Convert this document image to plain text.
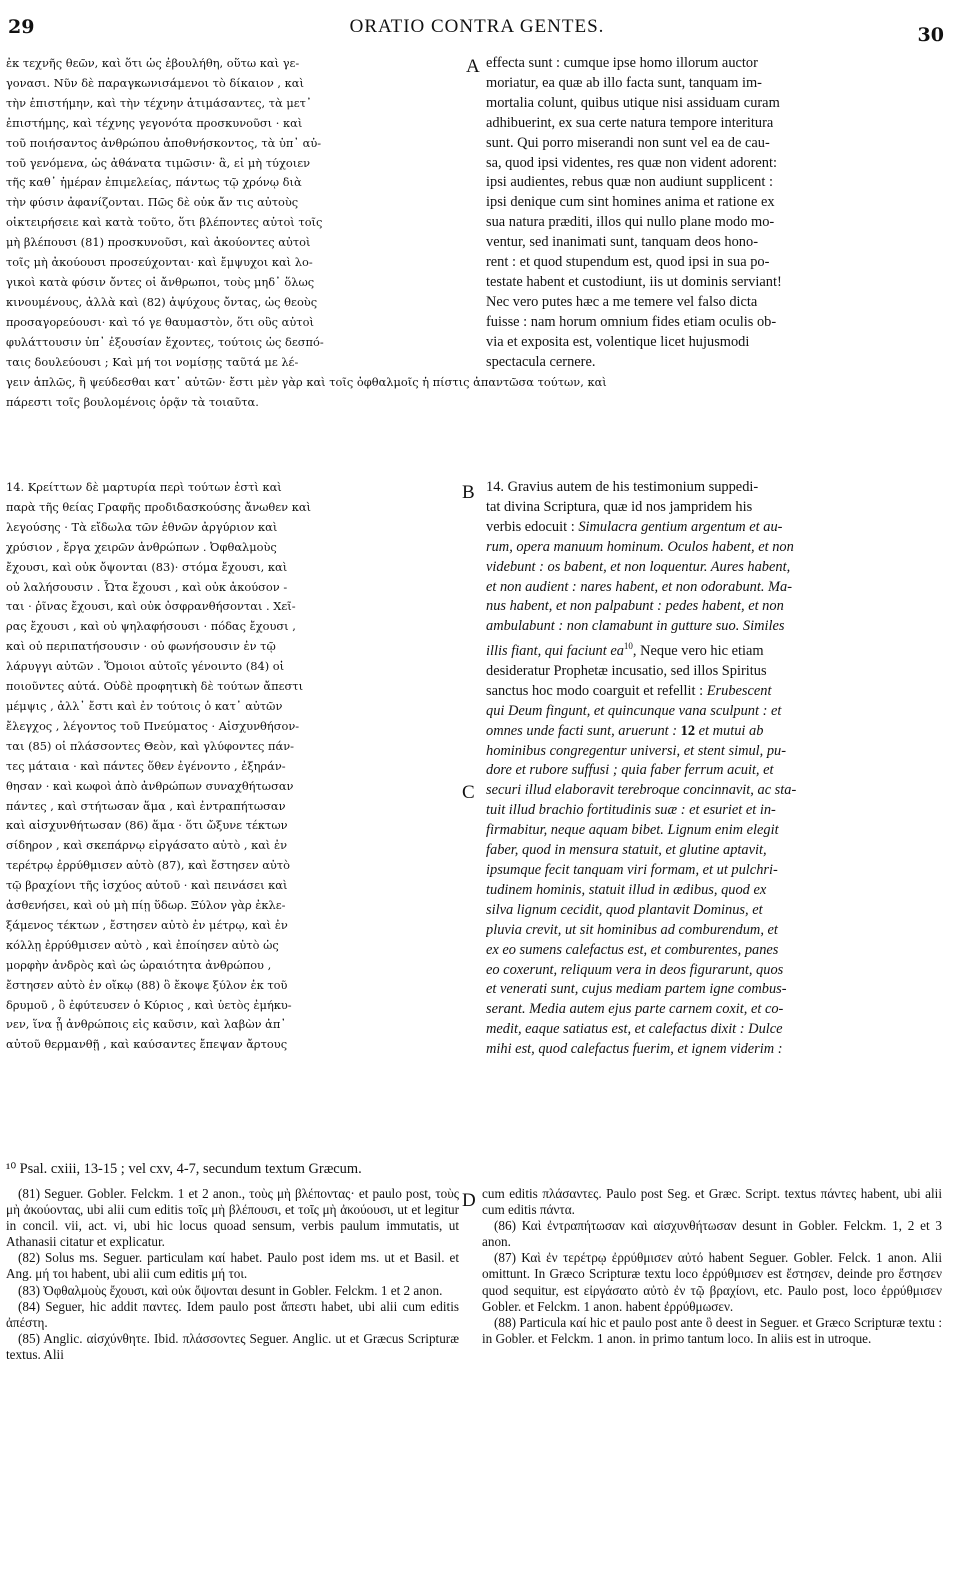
29	ORATIO CONTRA GENTES.	30
A
B
C
D
ἐκ τεχνῆς θεῶν, καὶ ὅτι ὡς ἐβουλήθη, οὕτω καὶ γε-
γονασι. Νῦν δὲ παραγκωνισάμενοι τὸ δίκαιον , καὶ
τὴν ἐπιστήμην, καὶ τὴν τέχνην ἀτιμάσαντες, τὰ μετ᾽
ἐπιστήμης, καὶ τέχνης γεγονότα προσκυνοῦσι · καὶ
τοῦ ποιήσαντος ἀνθρώπου ἀποθνήσκοντος, τὰ ὑπ᾽ αὐ-
τοῦ γενόμενα, ὡς ἀθάνατα τιμῶσιν· ἃ, εἰ μὴ τύχοιεν
τῆς καθ᾽ ἡμέραν ἐπιμελείας, πάντως τῷ χρόνῳ διὰ
τὴν φύσιν ἀφανίζονται. Πῶς δὲ οὐκ ἄν τις αὐτοὺς
οἰκτειρήσειε καὶ κατὰ τοῦτο, ὅτι βλέποντες αὐτοὶ τοῖς
μὴ βλέπουσι (81) προσκυνοῦσι, καὶ ἀκούοντες αὐτοὶ
τοῖς μὴ ἀκούουσι προσεύχονται· καὶ ἔμψυχοι καὶ λο-
γικοὶ κατὰ φύσιν ὄντες οἱ ἄνθρωποι, τοὺς μηδ᾽ ὅλως
κινουμένους, ἀλλὰ καὶ (82) ἀψύχους ὄντας, ὡς θεοὺς
προσαγορεύουσι· καὶ τό γε θαυμαστὸν, ὅτι οὓς αὐτοὶ
φυλάττουσιν ὑπ᾽ ἐξουσίαν ἔχοντες, τούτοις ὡς δεσπό-
ταις δουλεύουσι ; Καὶ μή τοι νομίσῃς ταῦτά με λέ-
effecta sunt : cumque ipse homo illorum auctor
moriatur, ea quæ ab illo facta sunt, tanquam im-
mortalia colunt, quibus utique nisi assiduam curam
adhibuerint, ex sua certe natura tempore interitura
sunt. Qui porro miserandi non sunt vel ea de cau-
sa, quod ipsi videntes, res quæ non vident adorent:
ipsi audientes, rebus quæ non audiunt supplicent :
ipsi denique cum sint homines anima et ratione ex
sua natura præditi, illos qui nullo plane modo mo-
ventur, sed inanimati sunt, tanquam deos hono-
rent : et quod stupendum est, quod ipsi in sua po-
testate habent et custodiunt, iis ut dominis serviant!
Nec vero putes hæc a me temere vel falso dicta
fuisse : nam horum omnium fides etiam oculis ob-
via et exposita est, volentique licet hujusmodi
spectacula cernere.
γειν ἁπλῶς, ἢ ψεύδεσθαι κατ᾽ αὐτῶν· ἔστι μὲν γὰρ καὶ τοῖς ὀφθαλμοῖς ἡ πίστις ἀπαντῶσα τούτων, καὶ
πάρεστι τοῖς βουλομένοις ὁρᾷν τὰ τοιαῦτα.
14. Κρείττων δὲ μαρτυρία περὶ τούτων ἐστὶ καὶ
παρὰ τῆς θείας Γραφῆς προδιδασκούσης ἄνωθεν καὶ
λεγούσης · Τὰ εἴδωλα τῶν ἐθνῶν ἀργύριον καὶ
χρύσιον , ἔργα χειρῶν ἀνθρώπων . Ὀφθαλμοὺς
ἔχουσι, καὶ οὐκ ὄψονται (83)· στόμα ἔχουσι, καὶ
οὐ λαλήσουσιν . Ὦτα ἔχουσι , καὶ οὐκ ἀκούσον -
ται · ῥῖνας ἔχουσι, καὶ οὐκ ὀσφρανθήσονται . Χεῖ-
ρας ἔχουσι , καὶ οὐ ψηλαφήσουσι · πόδας ἔχουσι ,
καὶ οὐ περιπατήσουσιν · οὐ φωνήσουσιν ἐν τῷ
λάρυγγι αὐτῶν . Ὅμοιοι αὐτοῖς γένοιντο (84) οἱ
ποιοῦντες αὐτά. Οὐδὲ προφητικὴ δὲ τούτων ἄπεστι
μέμψις , ἀλλ᾽ ἔστι καὶ ἐν τούτοις ὁ κατ᾽ αὐτῶν
ἔλεγχος , λέγοντος τοῦ Πνεύματος · Αἰσχυνθήσον-
ται (85) οἱ πλάσσοντες Θεὸν, καὶ γλύφοντες πάν-
τες μάταια · καὶ πάντες ὅθεν ἐγένοντο , ἐξηράν-
θησαν · καὶ κωφοὶ ἀπὸ ἀνθρώπων συναχθήτωσαν
πάντες , καὶ στήτωσαν ἅμα , καὶ ἐντραπήτωσαν
καὶ αἰσχυνθήτωσαν (86) ἅμα · ὅτι ὤξυνε τέκτων
σίδηρον , καὶ σκεπάρνῳ εἰργάσατο αὐτὸ , καὶ ἐν
τερέτρῳ ἐρρύθμισεν αὐτὸ (87), καὶ ἔστησεν αὐτὸ
τῷ βραχίονι τῆς ἰσχύος αὐτοῦ · καὶ πεινάσει καὶ
ἀσθενήσει, καὶ οὐ μὴ πίῃ ὕδωρ. Ξύλον γὰρ ἐκλε-
ξάμενος τέκτων , ἔστησεν αὐτὸ ἐν μέτρῳ, καὶ ἐν
κόλλῃ ἐρρύθμισεν αὐτὸ , καὶ ἐποίησεν αὐτὸ ὡς
μορφὴν ἀνδρὸς καὶ ὡς ὡραιότητα ἀνθρώπου ,
ἔστησεν αὐτὸ ἐν οἴκῳ (88) ὃ ἔκοψε ξύλον ἐκ τοῦ
δρυμοῦ , ὃ ἐφύτευσεν ὁ Κύριος , καὶ ὑετὸς ἐμήκυ-
νεν, ἵνα ᾖ ἀνθρώποις εἰς καῦσιν, καὶ λαβὼν ἀπ᾽
αὐτοῦ θερμανθῇ , καὶ καύσαντες ἔπεψαν ἄρτους
14. Gravius autem de his testimonium suppedi-
tat divina Scriptura, quæ id nos jampridem his
verbis edocuit : Simulacra gentium argentum et au-
rum, opera manuum hominum. Oculos habent, et non
videbunt : os babent, et non loquentur. Aures habent,
et non audient : nares habent, et non odorabunt. Ma-
nus habent, et non palpabunt : pedes habent, et non
ambulabunt : non clamabunt in gutture suo. Similes
illis fiant, qui faciunt $ea^{10}$, Neque vero hic etiam
desideratur Prophetæ incusatio, sed illos Spiritus
sanctus hoc modo coarguit et refellit : Erubescent
qui Deum fingunt, et quincunque vana sculpunt : et
omnes unde facti sunt, aruerunt : 12 et mutui ab
hominibus congregentur universi, et stent simul, pu-
dore et rubore suffusi ; quia faber ferrum acuit, et
securi illud elaboravit terebroque concinnavit, ac sta-
tuit illud brachio fortitudinis suæ : et esuriet et in-
firmabitur, neque aquam bibet. Lignum enim elegit
faber, quod in mensura statuit, et glutine aptavit,
ipsumque fecit tanquam viri formam, et ut pulchri-
tudinem hominis, statuit illud in ædibus, quod ex
silva lignum cecidit, quod plantavit Dominus, et
pluvia crevit, ut sit hominibus ad comburendum, et
ex eo sumens calefactus est, et comburentes, panes
eo coxerunt, reliquum vera in deos figurarunt, quos
et venerati sunt, cujus mediam partem igne combus-
serant. Media autem ejus parte carnem coxit, et co-
medit, eaque satiatus est, et calefactus dixit : Dulce
mihi est, quod calefactus fuerim, et ignem viderim :
¹⁰ Psal. cxiii, 13-15 ; vel cxv, 4-7, secundum textum Græcum.

(81) Seguer. Gobler. Felckm. 1 et 2 anon., τοὺς μὴ βλέποντας· et paulo post, τοὺς μὴ ἀκούοντας, ubi alii cum editis τοῖς μὴ βλέπουσι, et τοῖς μὴ ἀκούουσι, ut et legitur in concil. vii, act. vi, ubi hic locus quoad sensum, verbis paulum immutatis, ut Athanasii citatur et explicatur.

(82) Solus ms. Seguer. particulam καί habet. Paulo post idem ms. ut et Basil. et Ang. μή τοι habent, ubi alii cum editis μή τοι.

(83) Ὀφθαλμοὺς ἔχουσι, καὶ οὐκ ὄψονται desunt in Gobler. Felckm. 1 et 2 anon.

(84) Seguer, hic addit παντες. Idem paulo post ἄπεστι habet, ubi alii cum editis ἀπέστη.

(85) Anglic. αἰσχύνθητε. Ibid. πλάσσοντες Seguer. Anglic. ut et Græcus Scripturæ textus. Alii

cum editis πλάσαντες. Paulo post Seg. et Græc. Script. textus πάντες habent, ubi alii cum editis πάντα.

(86) Καὶ ἐντραπήτωσαν καὶ αἰσχυνθήτωσαν desunt in Gobler. Felckm. 1, 2 et 3 anon.

(87) Καὶ ἐν τερέτρῳ ἐρρύθμισεν αὐτό habent Seguer. Gobler. Felck. 1 anon. Alii omittunt. In Græco Scripturæ textu loco ἐρρύθμισεν est ἔστησεν, deinde pro ἔστησεν quod sequitur, est εἰργάσατο αὐτὸ ἐν τῷ βραχίονι, etc. Paulo post, loco ἐρρύθμισεν Gobler. et Felckm. 1 anon. habent ἐρρύθμωσεν.

(88) Particula καί hic et paulo post ante ὃ deest in Seguer. et Græco Scripturæ textu : in Gobler. et Felckm. 1 anon. in primo tantum loco. In aliis est in utroque.
